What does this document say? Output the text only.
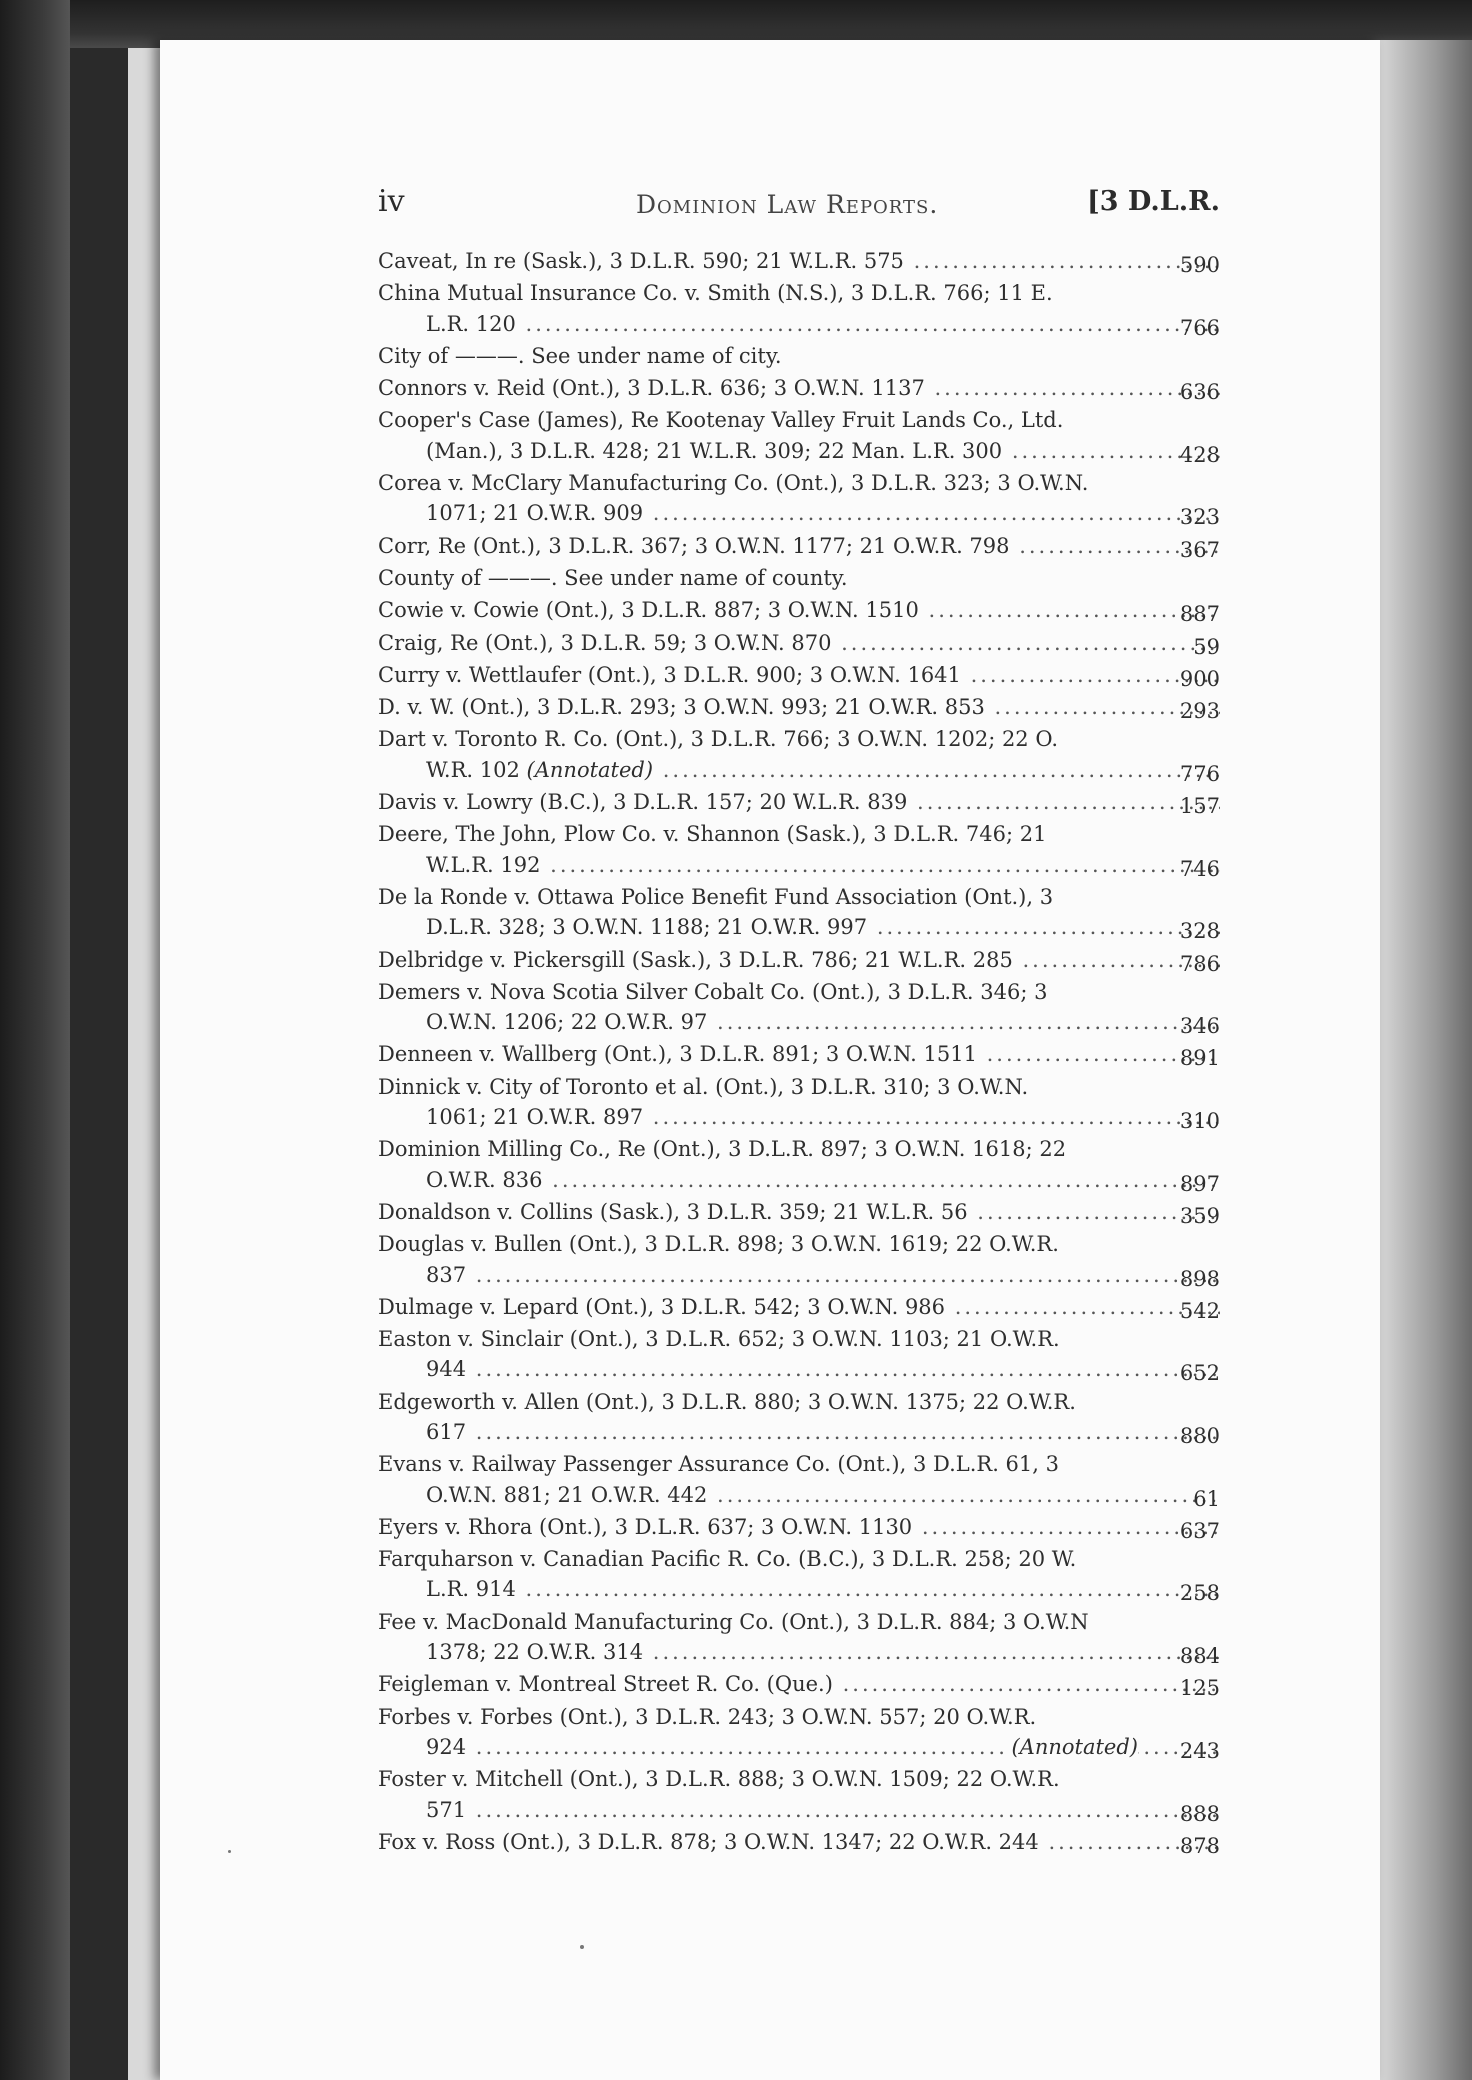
iv	Dominion Law Reports.	[3 D.L.R.
Caveat, In re (Sask.), 3 D.L.R. 590; 21 W.L.R. 575 .....	590
China Mutual Insurance Co. v. Smith (N.S.), 3 D.L.R. 766; 11 E.
L.R. 120 .....	766
City of ———. See under name of city.
Connors v. Reid (Ont.), 3 D.L.R. 636; 3 O.W.N. 1137 .....	636
Cooper's Case (James), Re Kootenay Valley Fruit Lands Co., Ltd.
(Man.), 3 D.L.R. 428; 21 W.L.R. 309; 22 Man. L.R. 300 .....	428
Corea v. McClary Manufacturing Co. (Ont.), 3 D.L.R. 323; 3 O.W.N.
1071; 21 O.W.R. 909 .....	323
Corr, Re (Ont.), 3 D.L.R. 367; 3 O.W.N. 1177; 21 O.W.R. 798 .....	367
County of ———. See under name of county.
Cowie v. Cowie (Ont.), 3 D.L.R. 887; 3 O.W.N. 1510 .....	887
Craig, Re (Ont.), 3 D.L.R. 59; 3 O.W.N. 870 .....	59
Curry v. Wettlaufer (Ont.), 3 D.L.R. 900; 3 O.W.N. 1641 .....	900
D. v. W. (Ont.), 3 D.L.R. 293; 3 O.W.N. 993; 21 O.W.R. 853 .....	293
Dart v. Toronto R. Co. (Ont.), 3 D.L.R. 766; 3 O.W.N. 1202; 22 O.
W.R. 102 (Annotated) .....	776
Davis v. Lowry (B.C.), 3 D.L.R. 157; 20 W.L.R. 839 .....	157
Deere, The John, Plow Co. v. Shannon (Sask.), 3 D.L.R. 746; 21
W.L.R. 192 .....	746
De la Ronde v. Ottawa Police Benefit Fund Association (Ont.), 3
D.L.R. 328; 3 O.W.N. 1188; 21 O.W.R. 997 .....	328
Delbridge v. Pickersgill (Sask.), 3 D.L.R. 786; 21 W.L.R. 285 .....	786
Demers v. Nova Scotia Silver Cobalt Co. (Ont.), 3 D.L.R. 346; 3
O.W.N. 1206; 22 O.W.R. 97 .....	346
Denneen v. Wallberg (Ont.), 3 D.L.R. 891; 3 O.W.N. 1511 .....	891
Dinnick v. City of Toronto et al. (Ont.), 3 D.L.R. 310; 3 O.W.N.
1061; 21 O.W.R. 897 .....	310
Dominion Milling Co., Re (Ont.), 3 D.L.R. 897; 3 O.W.N. 1618; 22
O.W.R. 836 .....	897
Donaldson v. Collins (Sask.), 3 D.L.R. 359; 21 W.L.R. 56 .....	359
Douglas v. Bullen (Ont.), 3 D.L.R. 898; 3 O.W.N. 1619; 22 O.W.R.
837 .....	898
Dulmage v. Lepard (Ont.), 3 D.L.R. 542; 3 O.W.N. 986 .....	542
Easton v. Sinclair (Ont.), 3 D.L.R. 652; 3 O.W.N. 1103; 21 O.W.R.
944 .....	652
Edgeworth v. Allen (Ont.), 3 D.L.R. 880; 3 O.W.N. 1375; 22 O.W.R.
617 .....	880
Evans v. Railway Passenger Assurance Co. (Ont.), 3 D.L.R. 61, 3
O.W.N. 881; 21 O.W.R. 442 .....	61
Eyers v. Rhora (Ont.), 3 D.L.R. 637; 3 O.W.N. 1130 .....	637
Farquharson v. Canadian Pacific R. Co. (B.C.), 3 D.L.R. 258; 20 W.
L.R. 914 .....	258
Fee v. MacDonald Manufacturing Co. (Ont.), 3 D.L.R. 884; 3 O.W.N
1378; 22 O.W.R. 314 .....	884
Feigleman v. Montreal Street R. Co. (Que.) .....	125
Forbes v. Forbes (Ont.), 3 D.L.R. 243; 3 O.W.N. 557; 20 O.W.R.
924 .....	(Annotated)	243
Foster v. Mitchell (Ont.), 3 D.L.R. 888; 3 O.W.N. 1509; 22 O.W.R.
571 .....	888
Fox v. Ross (Ont.), 3 D.L.R. 878; 3 O.W.N. 1347; 22 O.W.R. 244 .....	878
